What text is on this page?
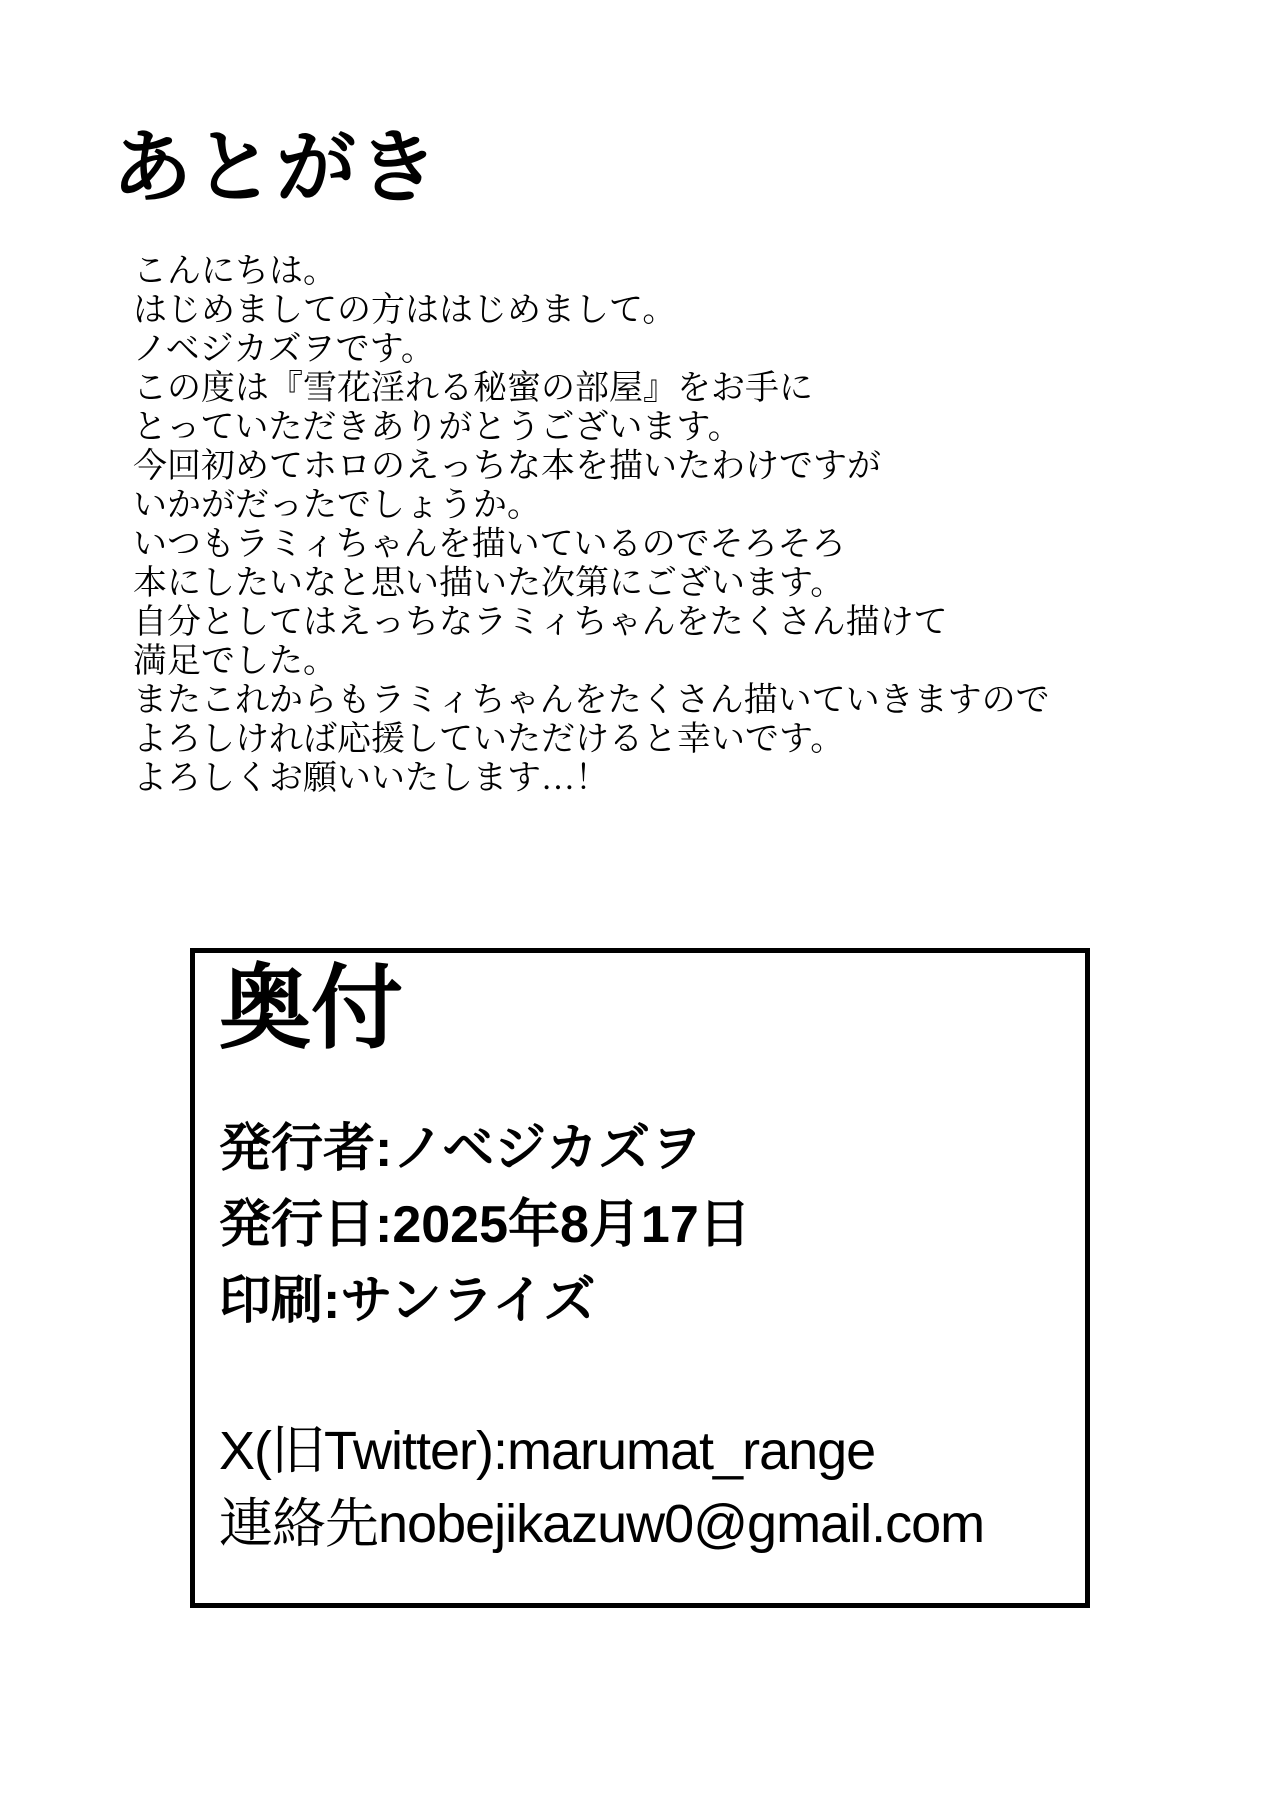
あとがき
こんにちは。
はじめましての方ははじめまして。
ノベジカズヲです。
この度は『雪花淫れる秘蜜の部屋』をお手に
とっていただきありがとうございます。
今回初めてホロのえっちな本を描いたわけですが
いかがだったでしょうか。
いつもラミィちゃんを描いているのでそろそろ
本にしたいなと思い描いた次第にございます。
自分としてはえっちなラミィちゃんをたくさん描けて
満足でした。
またこれからもラミィちゃんをたくさん描いていきますので
よろしければ応援していただけると幸いです。
よろしくお願いいたします…！
奥付
発行者:ノベジカズヲ
発行日:2025年8月17日
印刷:サンライズ
X(旧Twitter):marumat_range
連絡先nobejikazuw0@gmail.com
